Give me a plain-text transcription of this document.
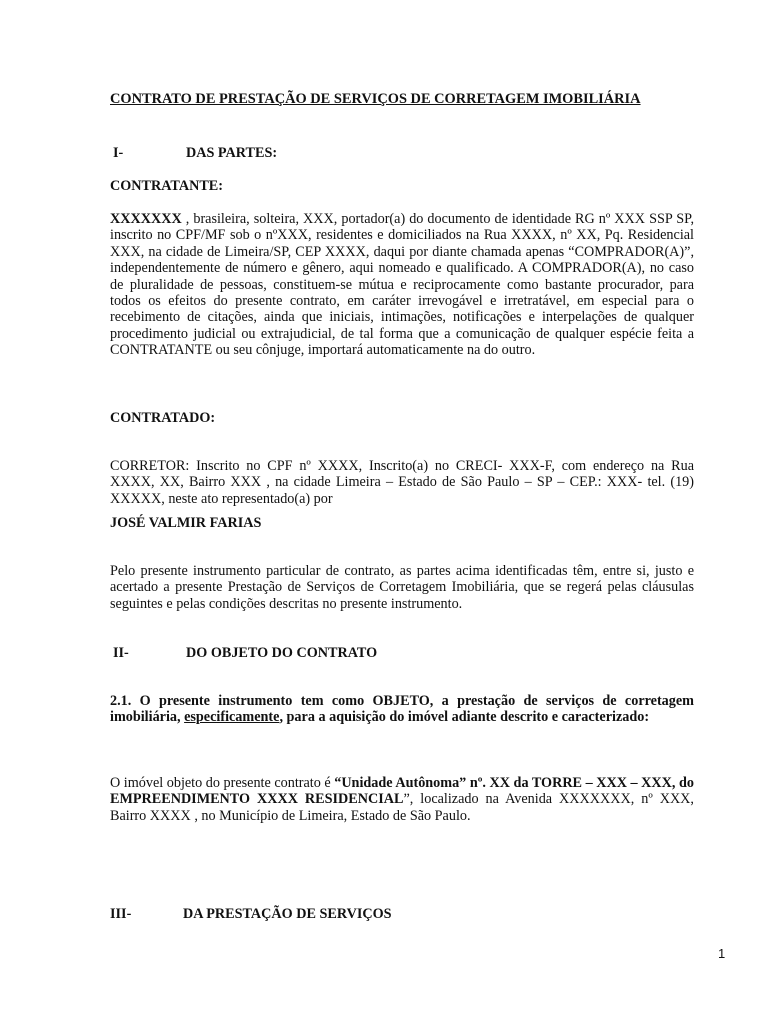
CONTRATO DE PRESTAÇÃO DE SERVIÇOS DE CORRETAGEM IMOBILIÁRIA
I-	DAS PARTES:
CONTRATANTE:
XXXXXXX , brasileira, solteira, XXX, portador(a) do documento de identidade RG nº XXX SSP SP, inscrito no CPF/MF sob o nºXXX, residentes e domiciliados na Rua XXXX, nº XX, Pq. Residencial XXX, na cidade de Limeira/SP, CEP XXXX, daqui por diante chamada apenas “COMPRADOR(A)”, independentemente de número e gênero, aqui nomeado e qualificado. A COMPRADOR(A), no caso de pluralidade de pessoas, constituem-se mútua e reciprocamente como bastante procurador, para todos os efeitos do presente contrato, em caráter irrevogável e irretratável, em especial para o recebimento de citações, ainda que iniciais, intimações, notificações e interpelações de qualquer procedimento judicial ou extrajudicial, de tal forma que a comunicação de qualquer espécie feita a CONTRATANTE ou seu cônjuge, importará automaticamente na do outro.
CONTRATADO:
CORRETOR: Inscrito no CPF nº XXXX, Inscrito(a) no CRECI- XXX-F, com endereço na Rua XXXX, XX, Bairro XXX , na cidade Limeira – Estado de São Paulo – SP – CEP.: XXX- tel. (19) XXXXX, neste ato representado(a) por
JOSÉ VALMIR FARIAS
Pelo presente instrumento particular de contrato, as partes acima identificadas têm, entre si, justo e acertado a presente Prestação de Serviços de Corretagem Imobiliária, que se regerá pelas cláusulas seguintes e pelas condições descritas no presente instrumento.
II-	DO OBJETO DO CONTRATO
2.1. O presente instrumento tem como OBJETO, a prestação de serviços de corretagem imobiliária, especificamente, para a aquisição do imóvel adiante descrito e caracterizado:
O imóvel objeto do presente contrato é “Unidade Autônoma” nº. XX da TORRE – XXX – XXX, do EMPREENDIMENTO XXXX RESIDENCIAL”, localizado na Avenida XXXXXXX, nº XXX, Bairro XXXX , no Município de Limeira, Estado de São Paulo.
III-	DA PRESTAÇÃO DE SERVIÇOS
1
